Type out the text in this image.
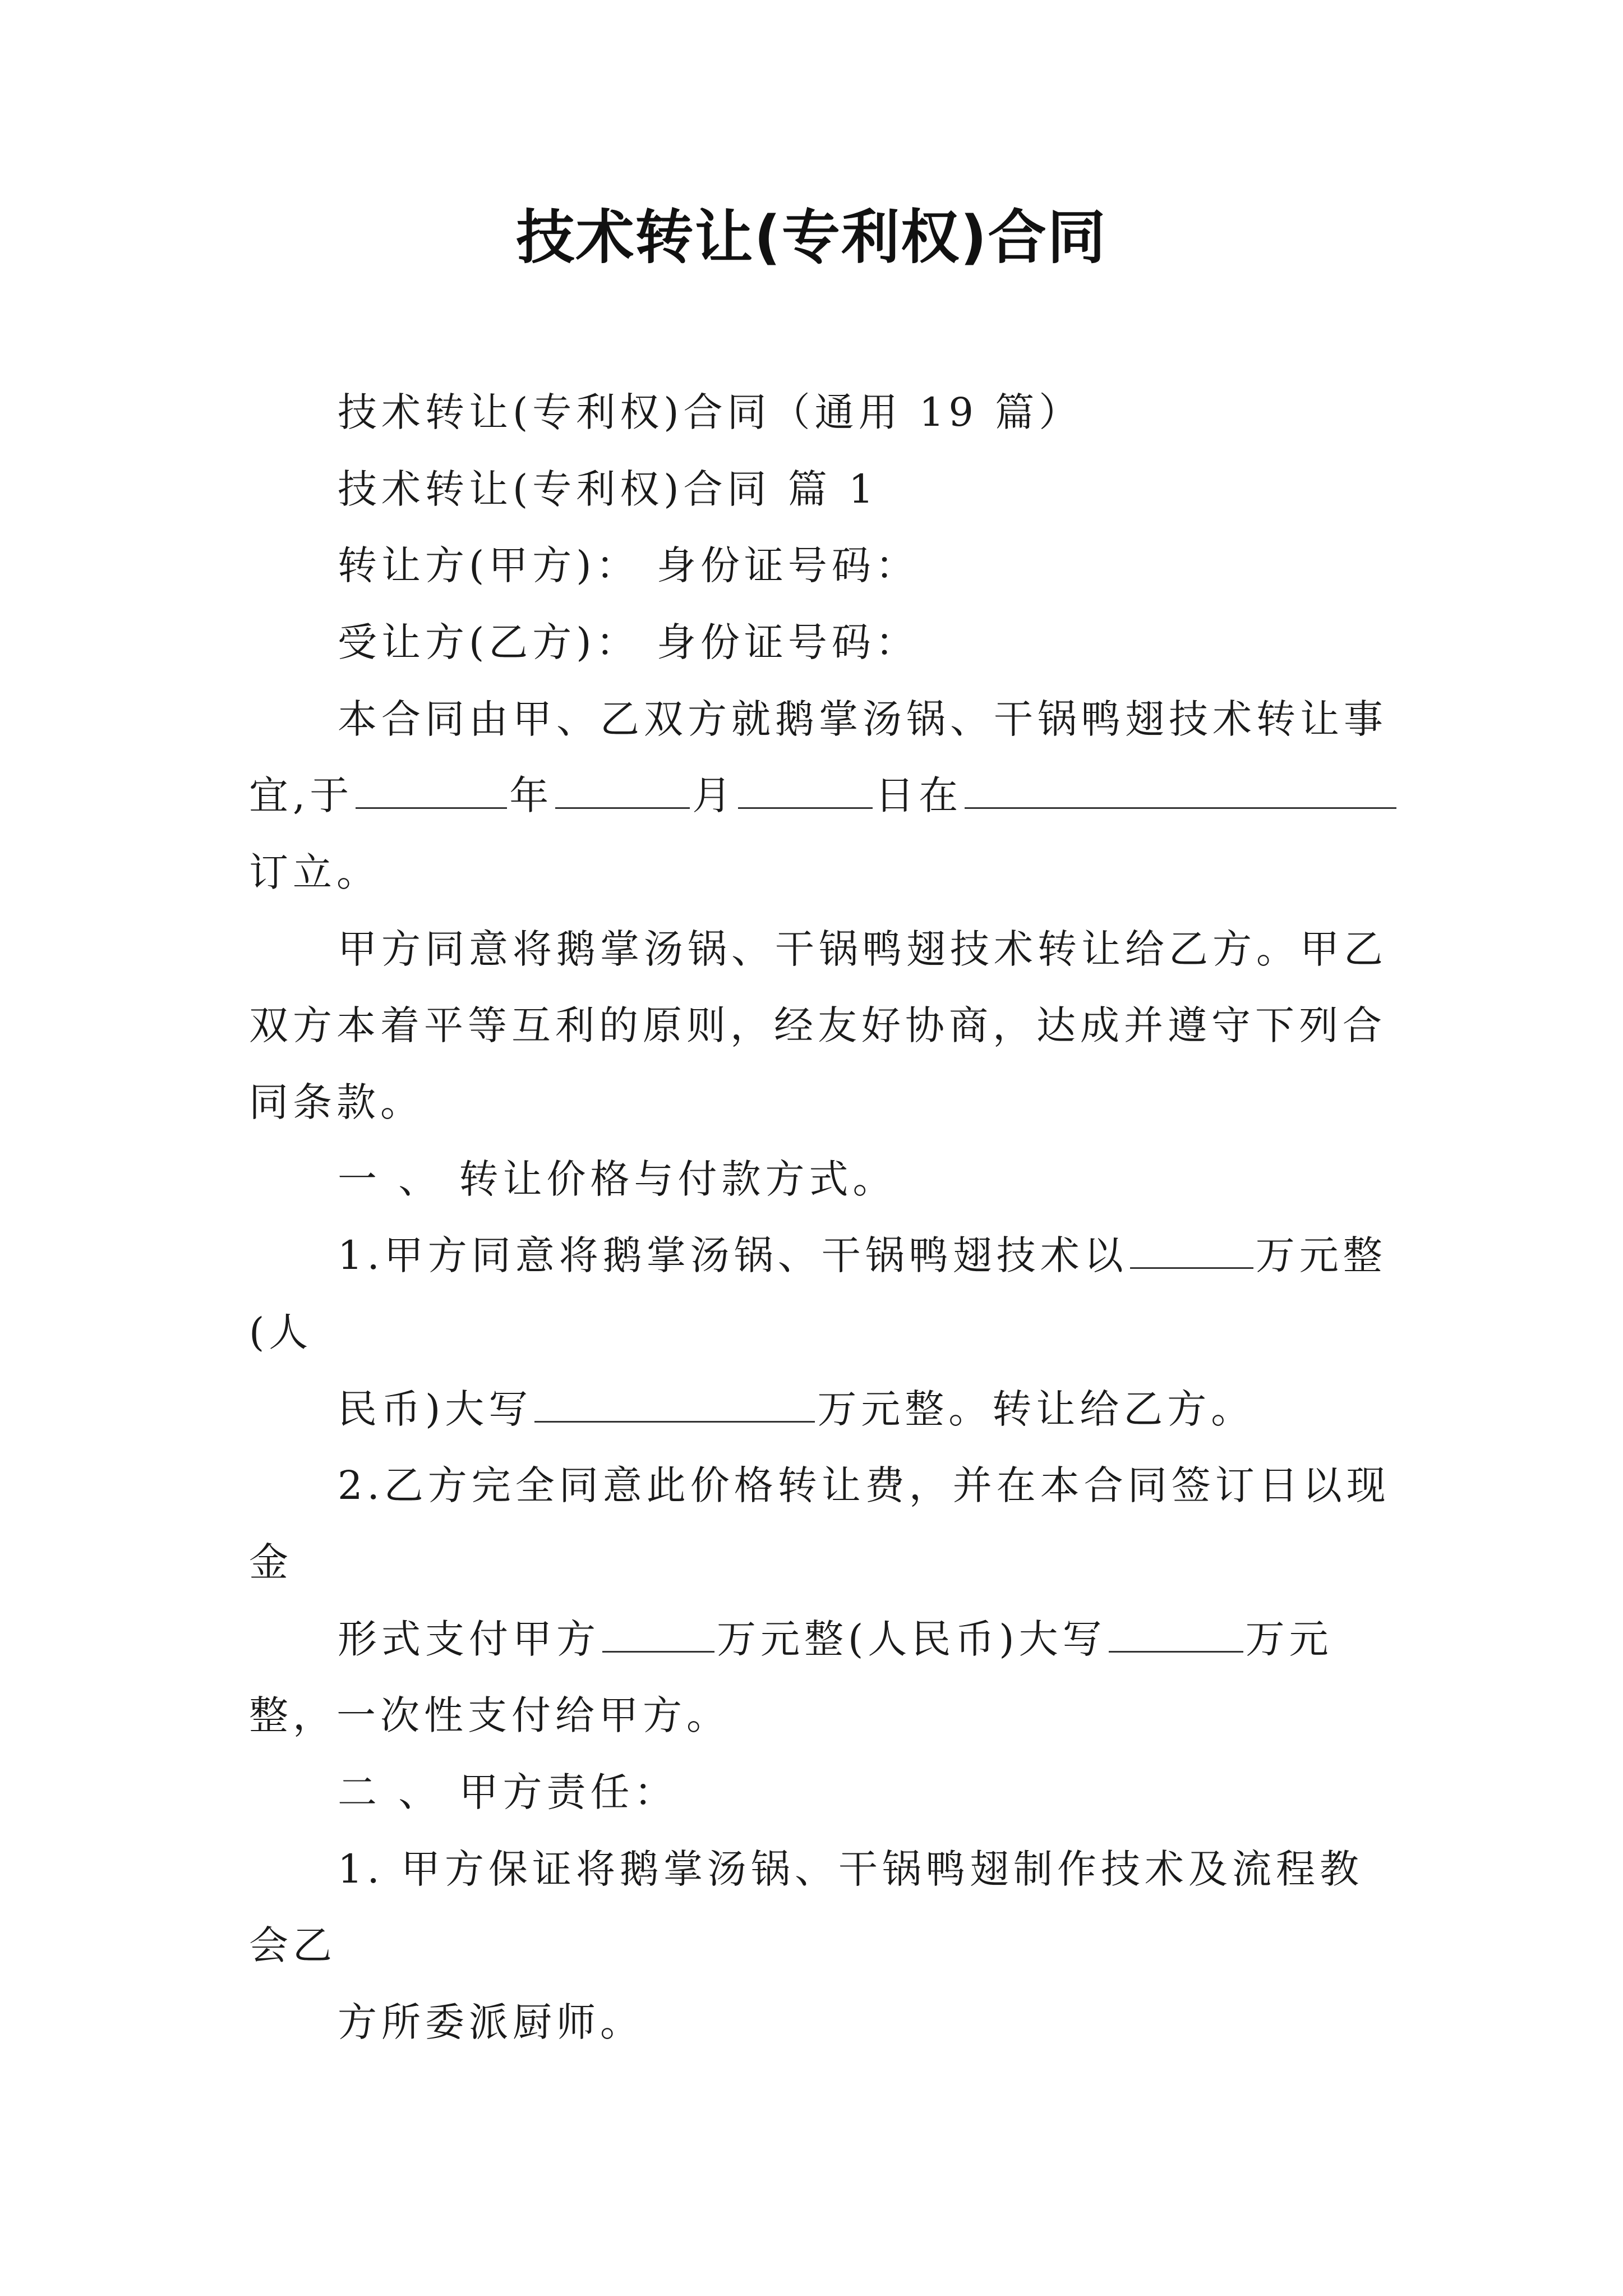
技术转让(专利权)合同
技术转让(专利权)合同（通用 19 篇）
技术转让(专利权)合同 篇 1
转让方(甲方)： 身份证号码：
受让方(乙方)： 身份证号码：
本合同由甲、乙双方就鹅掌汤锅、干锅鸭翅技术转让事
宜,于	年	月	日在
订立。
甲方同意将鹅掌汤锅、干锅鸭翅技术转让给乙方。甲乙
双方本着平等互利的原则，经友好协商，达成并遵守下列合
同条款。
一 、 转让价格与付款方式。
1.甲方同意将鹅掌汤锅、干锅鸭翅技术以	万元整
(人
民币)大写	万元整。转让给乙方。
2.乙方完全同意此价格转让费，并在本合同签订日以现
金
形式支付甲方	万元整(人民币)大写	万元
整，一次性支付给甲方。
二 、 甲方责任：
1. 甲方保证将鹅掌汤锅、干锅鸭翅制作技术及流程教
会乙
方所委派厨师。
